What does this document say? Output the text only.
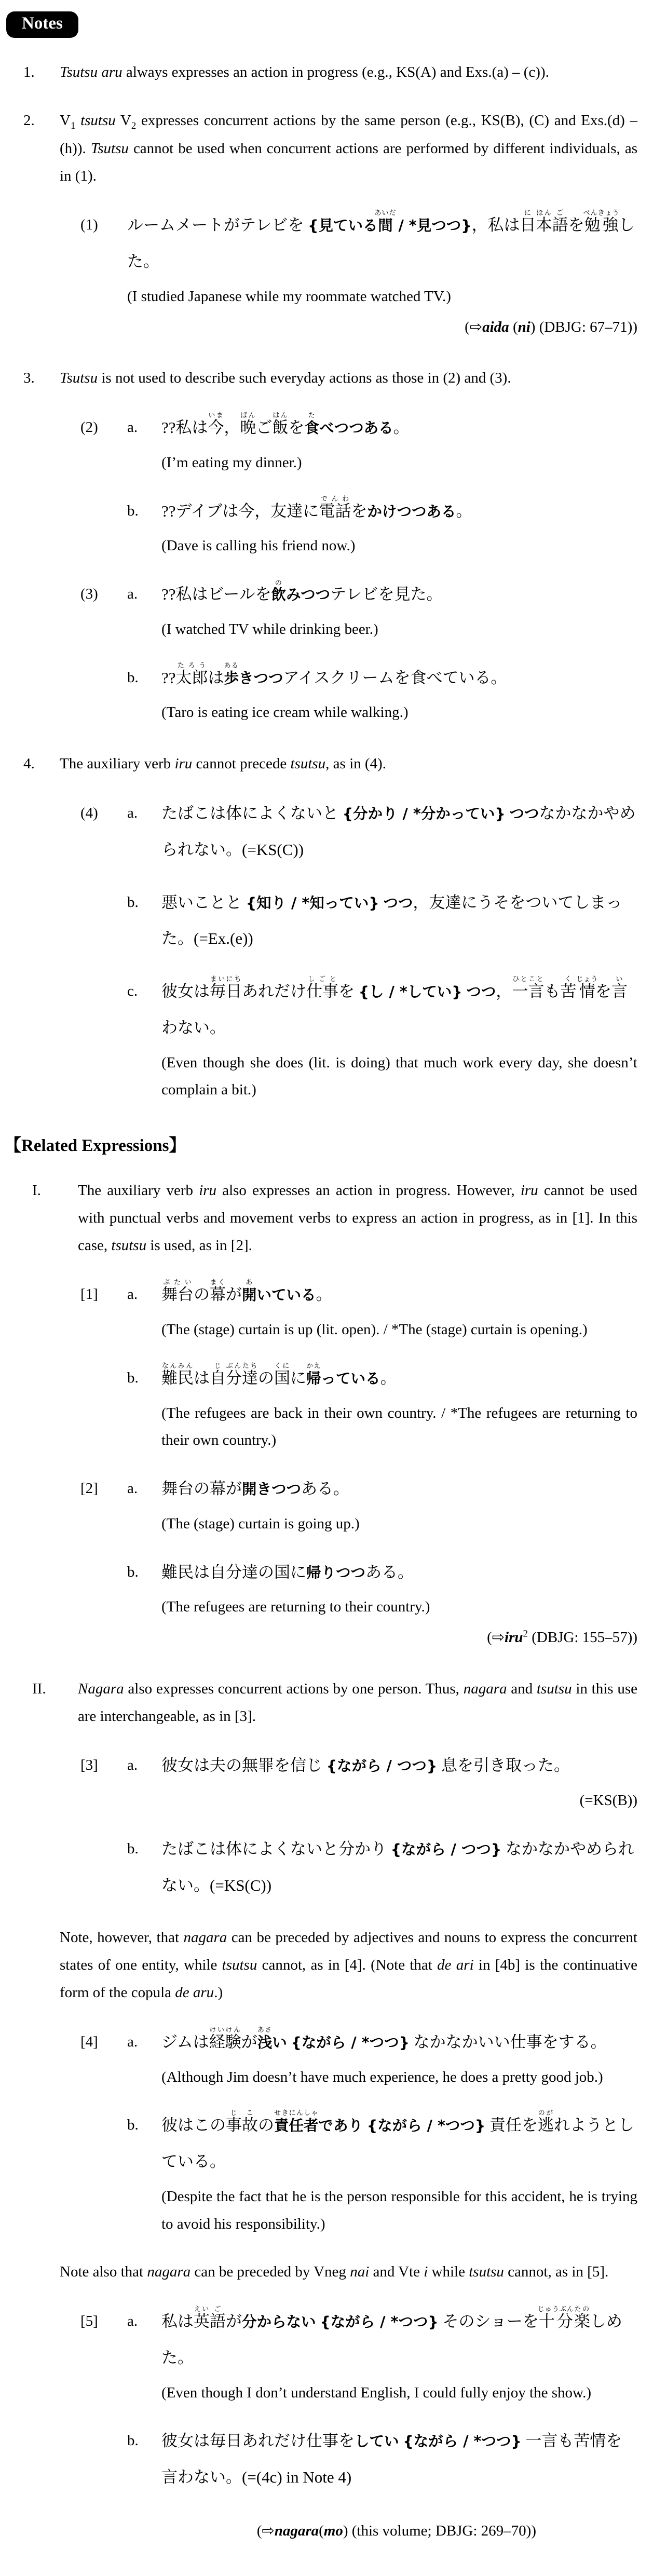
Notes
1.	Tsutsu aru always expresses an action in progress (e.g., KS(A) and Exs.(a) – (c)).
2.	$V_1$ tsutsu $V_2$ expresses concurrent actions by the same person (e.g., KS(B), (C) and Exs.(d) – (h)). Tsutsu cannot be used when concurrent actions are performed by different individuals, as in (1).
(1)	ルームメートがテレビを {見ている間あいだ / *見つつ}，私は日に本ほん語ごを勉強べんきょうした。

(I studied Japanese while my roommate watched TV.)

(⇨aida (ni) (DBJG: 67–71))

3.	Tsutsu is not used to describe such everyday actions as those in (2) and (3).
(2)	a.	??私は今いま，晩ばんご飯はんを食たべつつある。

(I’m eating my dinner.)

b.	??デイブは今，友達に電話でんわをかけつつある。

(Dave is calling his friend now.)

(3)	a.	??私はビールを飲のみつつテレビを見た。

(I watched TV while drinking beer.)

b.	??太郎たろうは歩あるきつつアイスクリームを食べている。

(Taro is eating ice cream while walking.)

4.	The auxiliary verb iru cannot precede tsutsu, as in (4).
(4)	a.	たばこは体によくないと {分かり / *分かってい} つつなかなかやめられない。(=KS(C))

b.	悪いことと {知り / *知ってい} つつ，友達にうそをついてしまった。(=Ex.(e))

c.	彼女は毎日まいにちあれだけ仕事しごとを {し / *してい} つつ，一言ひとことも苦く情じょうを言いわない。

(Even though she does (lit. is doing) that much work every day, she doesn’t complain a bit.)

【Related Expressions】
I.	The auxiliary verb iru also expresses an action in progress. However, iru cannot be used with punctual verbs and movement verbs to express an action in progress, as in [1]. In this case, tsutsu is used, as in [2].
[1]	a.	舞台ぶたいの幕まくが開あいている。

(The (stage) curtain is up (lit. open). / *The (stage) curtain is opening.)

b.	難民なんみんは自じ分達ぶんたちの国くにに帰かえっている。

(The refugees are back in their own country. / *The refugees are returning to their own country.)

[2]	a.	舞台の幕が開きつつある。

(The (stage) curtain is going up.)

b.	難民は自分達の国に帰りつつある。

(The refugees are returning to their country.)

(⇨iru$^2$ (DBJG: 155–57))

II.	Nagara also expresses concurrent actions by one person. Thus, nagara and tsutsu in this use are interchangeable, as in [3].
[3]	a.	彼女は夫の無罪を信じ {ながら / つつ} 息を引き取った。

(=KS(B))

b.	たばこは体によくないと分かり {ながら / つつ} なかなかやめられない。(=KS(C))

Note, however, that nagara can be preceded by adjectives and nouns to express the concurrent states of one entity, while tsutsu cannot, as in [4]. (Note that de ari in [4b] is the continuative form of the copula de aru.)
[4]	a.	ジムは経験けいけんが浅あさい {ながら / *つつ} なかなかいい仕事をする。

(Although Jim doesn’t have much experience, he does a pretty good job.)

b.	彼はこの事じ故この責任者せきにんしゃであり {ながら / *つつ} 責任を逃のがれようとしている。

(Despite the fact that he is the person responsible for this accident, he is trying to avoid his responsibility.)

Note also that nagara can be preceded by Vneg nai and Vte i while tsutsu cannot, as in [5].
[5]	a.	私は英えい語ごが分からない {ながら / *つつ} そのショーを十分じゅうぶん楽たのしめた。

(Even though I don’t understand English, I could fully enjoy the show.)

b.	彼女は毎日あれだけ仕事をしてい {ながら / *つつ} 一言も苦情を言わない。(=(4c) in Note 4)

(⇨nagara(mo) (this volume; DBJG: 269–70))
